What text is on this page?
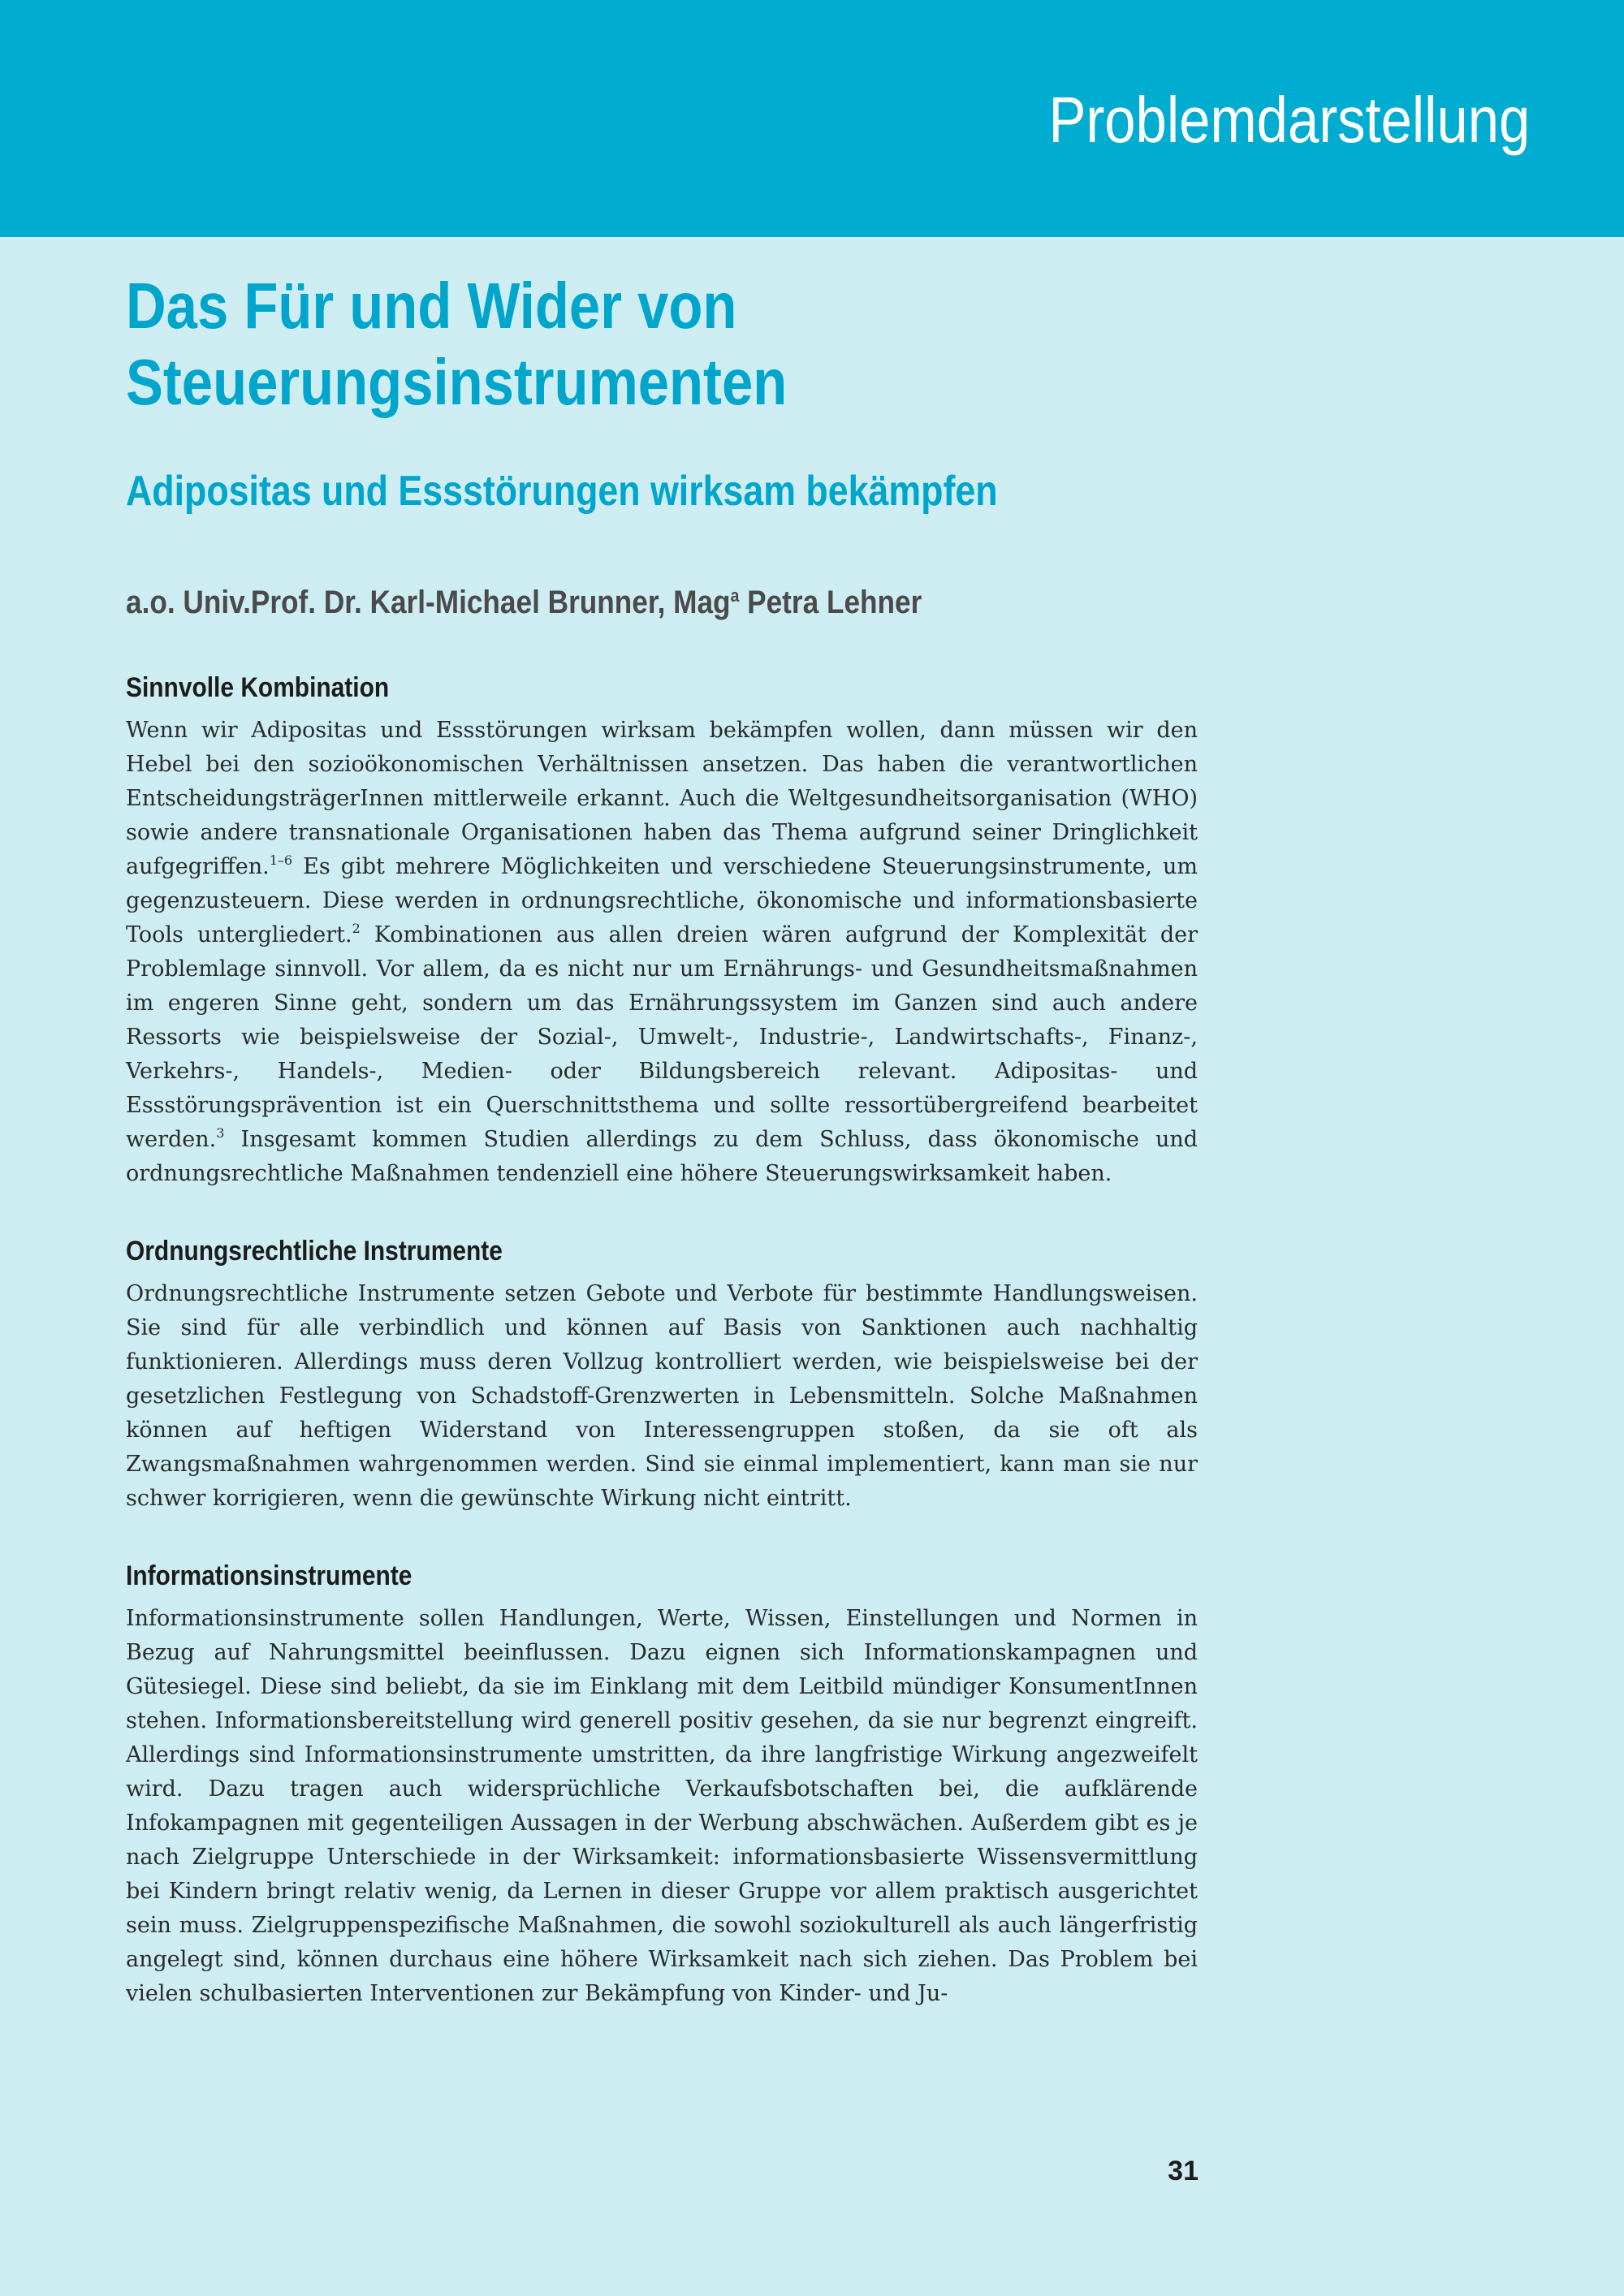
Problemdarstellung
Das Für und Wider von
Steuerungsinstrumenten
Adipositas und Essstörungen wirksam bekämpfen
a.o. Univ.Prof. Dr. Karl-Michael Brunner, Mag$^a$ Petra Lehner
Sinnvolle Kombination

Wenn wir Adipositas und Essstörungen wirksam bekämpfen wollen, dann müssen wir den Hebel bei den sozioökonomischen Verhältnissen ansetzen. Das haben die verantwortlichen EntscheidungsträgerInnen mittlerweile erkannt. Auch die Weltgesundheitsorganisation (WHO) sowie andere transnationale Organisationen haben das Thema aufgrund seiner Dringlichkeit aufgegriffen.$^{1-6}$ Es gibt mehrere Möglichkeiten und verschiedene Steuerungsinstrumente, um gegenzusteuern. Diese werden in ordnungsrechtliche, ökonomische und informationsbasierte Tools untergliedert.$^2$ Kombinationen aus allen dreien wären aufgrund der Komplexität der Problemlage sinnvoll. Vor allem, da es nicht nur um Ernährungs- und Gesundheitsmaßnahmen im engeren Sinne geht, sondern um das Ernährungssystem im Ganzen sind auch andere Ressorts wie beispielsweise der Sozial-, Umwelt-, Industrie-, Landwirtschafts-, Finanz-, Verkehrs-, Handels-, Medien- oder Bildungsbereich relevant. Adipositas- und Essstörungsprävention ist ein Querschnittsthema und sollte ressortübergreifend bearbeitet werden.$^3$ Insgesamt kommen Studien allerdings zu dem Schluss, dass ökonomische und ordnungsrechtliche Maßnahmen tendenziell eine höhere Steuerungswirksamkeit haben.

Ordnungsrechtliche Instrumente

Ordnungsrechtliche Instrumente setzen Gebote und Verbote für bestimmte Handlungsweisen. Sie sind für alle verbindlich und können auf Basis von Sanktionen auch nachhaltig funktionieren. Allerdings muss deren Vollzug kontrolliert werden, wie beispielsweise bei der gesetzlichen Festlegung von Schadstoff-Grenzwerten in Lebensmitteln. Solche Maßnahmen können auf heftigen Widerstand von Interessengruppen stoßen, da sie oft als Zwangsmaßnahmen wahrgenommen werden. Sind sie einmal implementiert, kann man sie nur schwer korrigieren, wenn die gewünschte Wirkung nicht eintritt.

Informationsinstrumente

Informationsinstrumente sollen Handlungen, Werte, Wissen, Einstellungen und Normen in Bezug auf Nahrungsmittel beeinflussen. Dazu eignen sich Informationskampagnen und Gütesiegel. Diese sind beliebt, da sie im Einklang mit dem Leitbild mündiger KonsumentInnen stehen. Informationsbereitstellung wird generell positiv gesehen, da sie nur begrenzt eingreift. Allerdings sind Informationsinstrumente umstritten, da ihre langfristige Wirkung angezweifelt wird. Dazu tragen auch widersprüchliche Verkaufsbotschaften bei, die aufklärende Infokampagnen mit gegenteiligen Aussagen in der Werbung abschwächen. Außerdem gibt es je nach Zielgruppe Unterschiede in der Wirksamkeit: informationsbasierte Wissensvermittlung bei Kindern bringt relativ wenig, da Lernen in dieser Gruppe vor allem praktisch ausgerichtet sein muss. Zielgruppenspezifische Maßnahmen, die sowohl soziokulturell als auch längerfristig angelegt sind, können durchaus eine höhere Wirksamkeit nach sich ziehen. Das Problem bei vielen schulbasierten Interventionen zur Bekämpfung von Kinder- und Ju-

31
